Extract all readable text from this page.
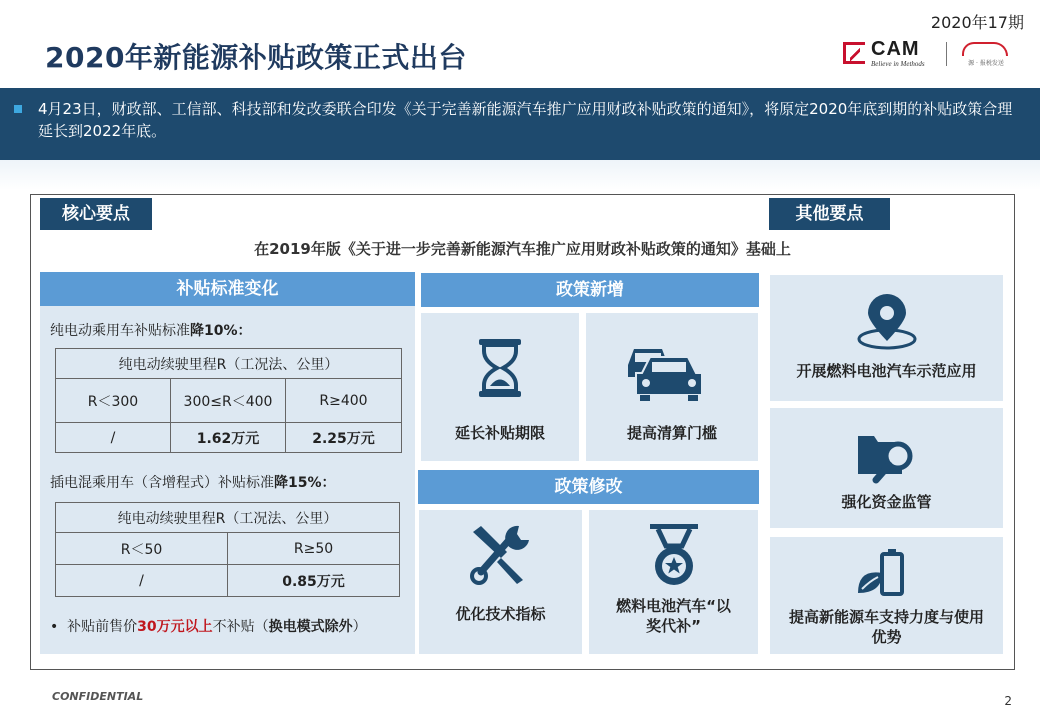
2020年17期
2020年新能源补贴政策正式出台	CAM
Believe in Methods	源 · 报税发送
4月23日，财政部、工信部、科技部和发改委联合印发《关于完善新能源汽车推广应用财政补贴政策的通知》，将原定2020年底到期的补贴政策合理延长到2022年底。
核心要点	其他要点
在2019年版《关于进一步完善新能源汽车推广应用财政补贴政策的通知》基础上
补贴标准变化
纯电动乘用车补贴标准降10%：
纯电动续驶里程R（工况法、公里）		
R＜300	300≤R＜400	R≥400
/	1.62万元	2.25万元
插电混乘用车（含增程式）补贴标准降15%：
纯电动续驶里程R（工况法、公里）	
R＜50	R≥50
/	0.85万元
•  补贴前售价30万元以上不补贴（换电模式除外）
政策新增
延长补贴期限	提高清算门槛
政策修改
优化技术指标	燃料电池汽车“以
奖代补”
开展燃料电池汽车示范应用
强化资金监管
提高新能源车支持力度与使用
优势
CONFIDENTIAL	2
